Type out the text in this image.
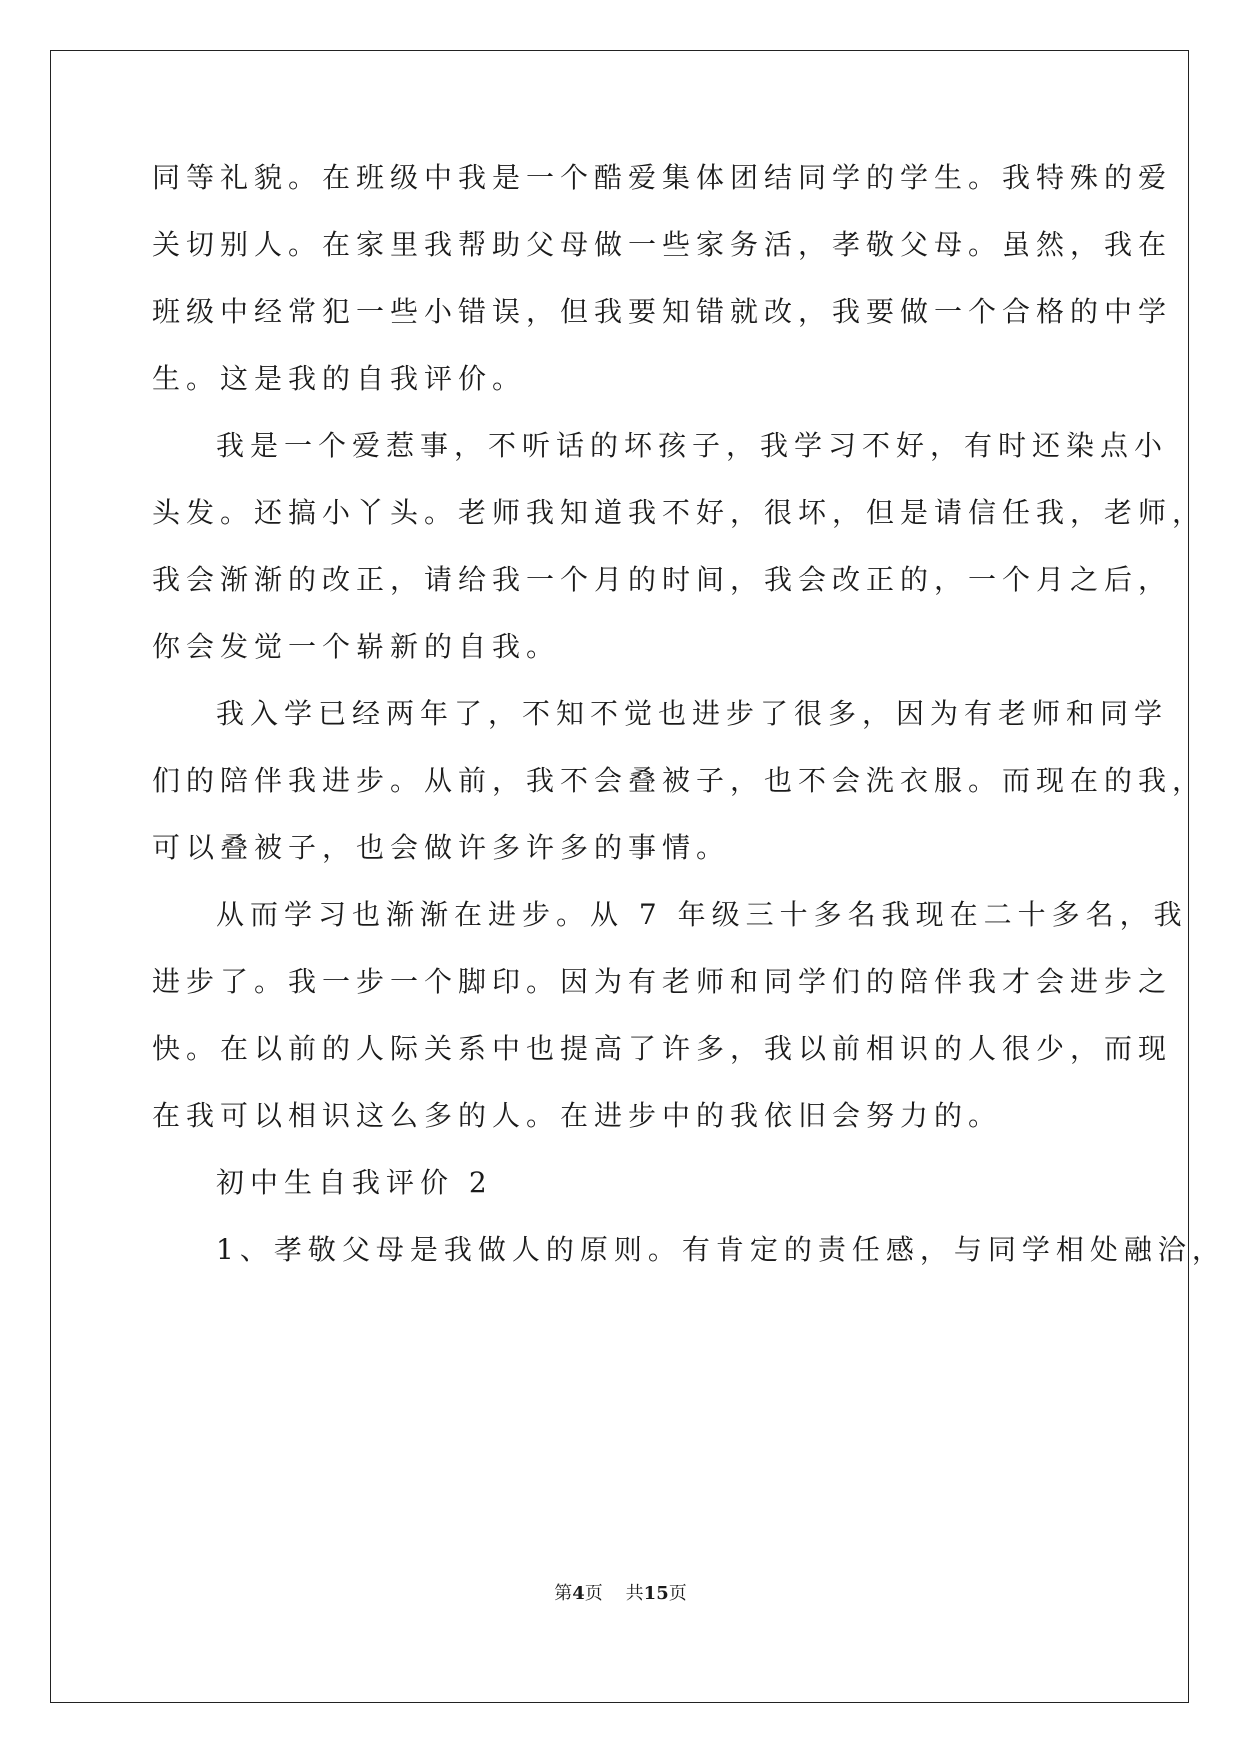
同等礼貌。在班级中我是一个酷爱集体团结同学的学生。我特殊的爱
关切别人。在家里我帮助父母做一些家务活，孝敬父母。虽然，我在
班级中经常犯一些小错误，但我要知错就改，我要做一个合格的中学
生。这是我的自我评价。
我是一个爱惹事，不听话的坏孩子，我学习不好，有时还染点小
头发。还搞小丫头。老师我知道我不好，很坏，但是请信任我，老师，
我会渐渐的改正，请给我一个月的时间，我会改正的，一个月之后，
你会发觉一个崭新的自我。
我入学已经两年了，不知不觉也进步了很多，因为有老师和同学
们的陪伴我进步。从前，我不会叠被子，也不会洗衣服。而现在的我，
可以叠被子，也会做许多许多的事情。
从而学习也渐渐在进步。从 7 年级三十多名我现在二十多名，我
进步了。我一步一个脚印。因为有老师和同学们的陪伴我才会进步之
快。在以前的人际关系中也提高了许多，我以前相识的人很少，而现
在我可以相识这么多的人。在进步中的我依旧会努力的。
初中生自我评价 2
1、孝敬父母是我做人的原则。有肯定的责任感，与同学相处融洽，
第4页 共15页
